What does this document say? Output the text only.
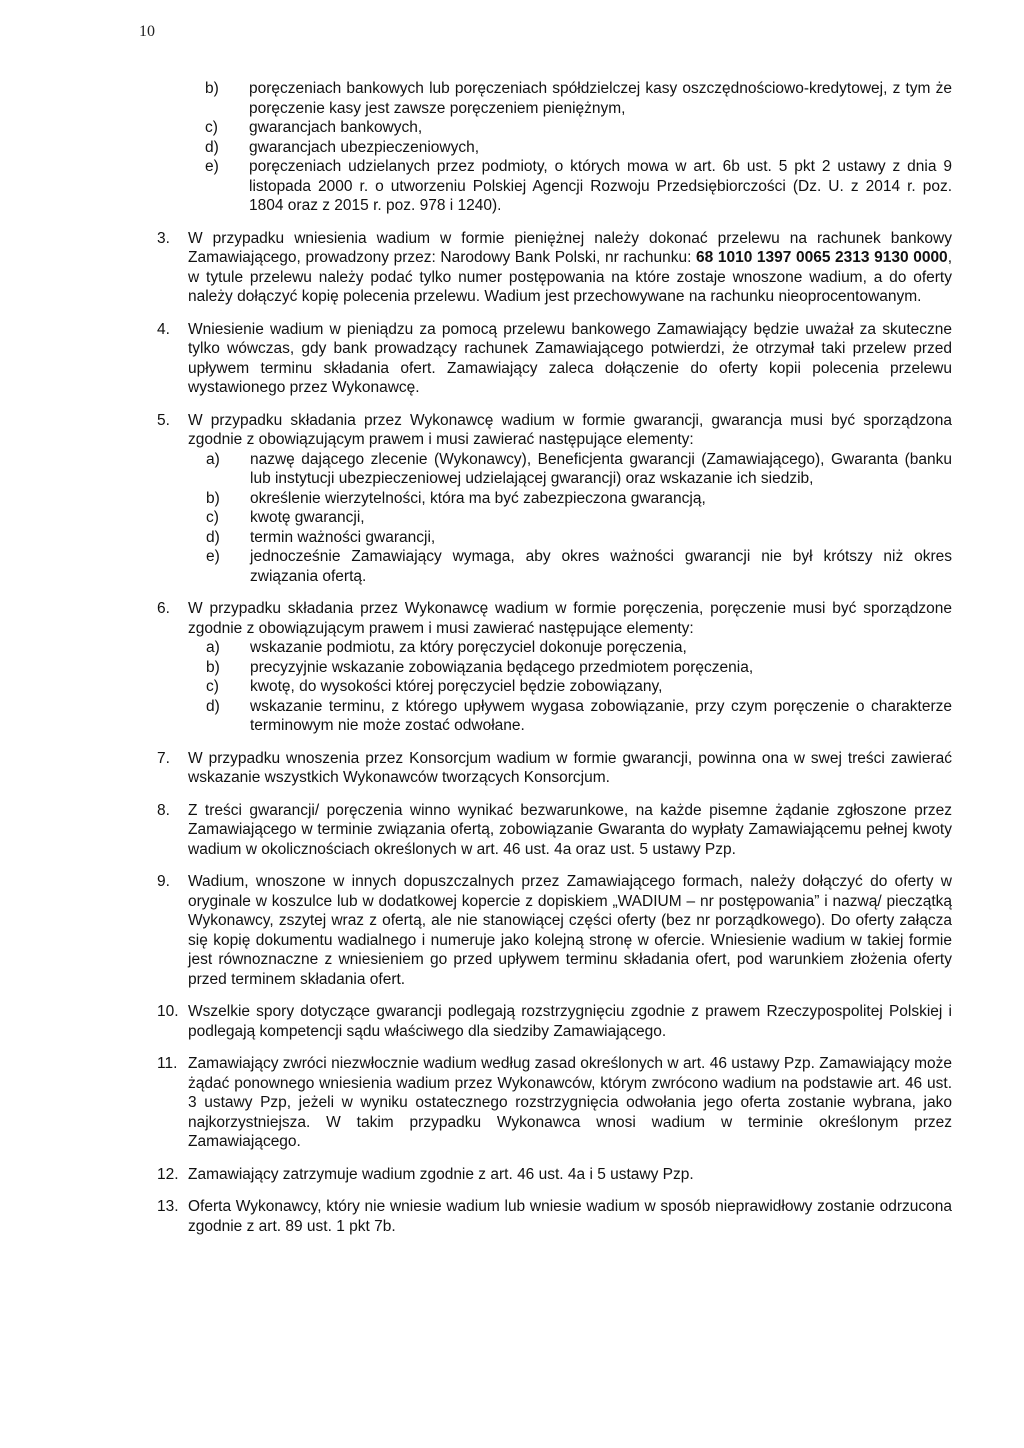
10
b)	poręczeniach bankowych lub poręczeniach spółdzielczej kasy oszczędnościowo-kredytowej, z tym że poręczenie kasy jest zawsze poręczeniem pieniężnym,
c)	gwarancjach bankowych,
d)	gwarancjach ubezpieczeniowych,
e)	poręczeniach udzielanych przez podmioty, o których mowa w art. 6b ust. 5 pkt 2 ustawy z dnia 9 listopada 2000 r. o utworzeniu Polskiej Agencji Rozwoju Przedsiębiorczości (Dz. U. z 2014 r. poz. 1804 oraz z 2015 r. poz. 978 i 1240).
3.	W przypadku wniesienia wadium w formie pieniężnej należy dokonać przelewu na rachunek bankowy Zamawiającego, prowadzony przez: Narodowy Bank Polski, nr rachunku: 68 1010 1397 0065 2313 9130 0000, w tytule przelewu należy podać tylko numer postępowania na które zostaje wnoszone wadium, a do oferty należy dołączyć kopię polecenia przelewu. Wadium jest przechowywane na rachunku nieoprocentowanym.
4.	Wniesienie wadium w pieniądzu za pomocą przelewu bankowego Zamawiający będzie uważał za skuteczne tylko wówczas, gdy bank prowadzący rachunek Zamawiającego potwierdzi, że otrzymał taki przelew przed upływem terminu składania ofert. Zamawiający zaleca dołączenie do oferty kopii polecenia przelewu wystawionego przez Wykonawcę.
5.	W przypadku składania przez Wykonawcę wadium w formie gwarancji, gwarancja musi być sporządzona zgodnie z obowiązującym prawem i musi zawierać następujące elementy:
a)	nazwę dającego zlecenie (Wykonawcy), Beneficjenta gwarancji (Zamawiającego), Gwaranta (banku lub instytucji ubezpieczeniowej udzielającej gwarancji) oraz wskazanie ich siedzib,
b)	określenie wierzytelności, która ma być zabezpieczona gwarancją,
c)	kwotę gwarancji,
d)	termin ważności gwarancji,
e)	jednocześnie Zamawiający wymaga, aby okres ważności gwarancji nie był krótszy niż okres związania ofertą.
6.	W przypadku składania przez Wykonawcę wadium w formie poręczenia, poręczenie musi być sporządzone zgodnie z obowiązującym prawem i musi zawierać następujące elementy:
a)	wskazanie podmiotu, za który poręczyciel dokonuje poręczenia,
b)	precyzyjnie wskazanie zobowiązania będącego przedmiotem poręczenia,
c)	kwotę, do wysokości której poręczyciel będzie zobowiązany,
d)	wskazanie terminu, z którego upływem wygasa zobowiązanie, przy czym poręczenie o charakterze terminowym nie może zostać odwołane.
7.	W przypadku wnoszenia przez Konsorcjum wadium w formie gwarancji, powinna ona w swej treści zawierać wskazanie wszystkich Wykonawców tworzących Konsorcjum.
8.	Z treści gwarancji/ poręczenia winno wynikać bezwarunkowe, na każde pisemne żądanie zgłoszone przez Zamawiającego w terminie związania ofertą, zobowiązanie Gwaranta do wypłaty Zamawiającemu pełnej kwoty wadium w okolicznościach określonych w art. 46 ust. 4a oraz ust. 5 ustawy Pzp.
9.	Wadium, wnoszone w innych dopuszczalnych przez Zamawiającego formach, należy dołączyć do oferty w oryginale w koszulce lub w dodatkowej kopercie z dopiskiem „WADIUM – nr postępowania” i nazwą/ pieczątką Wykonawcy, zszytej wraz z ofertą, ale nie stanowiącej części oferty (bez nr porządkowego). Do oferty załącza się kopię dokumentu wadialnego i numeruje jako kolejną stronę w ofercie. Wniesienie wadium w takiej formie jest równoznaczne z wniesieniem go przed upływem terminu składania ofert, pod warunkiem złożenia oferty przed terminem składania ofert.
10. Wszelkie spory dotyczące gwarancji podlegają rozstrzygnięciu zgodnie z prawem Rzeczypospolitej Polskiej i podlegają kompetencji sądu właściwego dla siedziby Zamawiającego.
11. Zamawiający zwróci niezwłocznie wadium według zasad określonych w art. 46 ustawy Pzp. Zamawiający może żądać ponownego wniesienia wadium przez Wykonawców, którym zwrócono wadium na podstawie art. 46 ust. 3 ustawy Pzp, jeżeli w wyniku ostatecznego rozstrzygnięcia odwołania jego oferta zostanie wybrana, jako najkorzystniejsza. W takim przypadku Wykonawca wnosi wadium w terminie określonym przez Zamawiającego.
12. Zamawiający zatrzymuje wadium zgodnie z art. 46 ust. 4a i 5 ustawy Pzp.
13. Oferta Wykonawcy, który nie wniesie wadium lub wniesie wadium w sposób nieprawidłowy zostanie odrzucona zgodnie z art. 89 ust. 1 pkt 7b.
